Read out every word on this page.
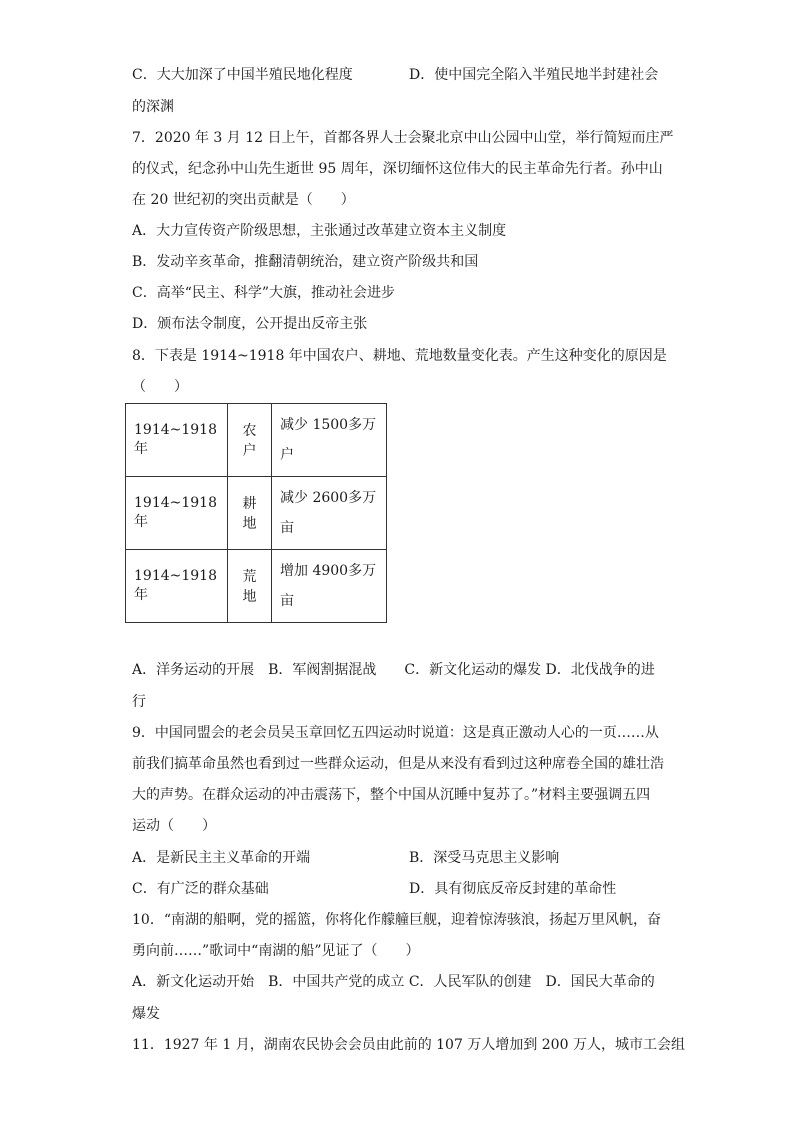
C．大大加深了中国半殖民地化程度	D．使中国完全陷入半殖民地半封建社会
的深渊
7．2020 年 3 月 12 日上午，首都各界人士会聚北京中山公园中山堂，举行简短而庄严
的仪式，纪念孙中山先生逝世 95 周年，深切缅怀这位伟大的民主革命先行者。孙中山
在 20 世纪初的突出贡献是（　　）
A．大力宣传资产阶级思想，主张通过改革建立资本主义制度
B．发动辛亥革命，推翻清朝统治，建立资产阶级共和国
C．高举“民主、科学”大旗，推动社会进步
D．颁布法令制度，公开提出反帝主张
8．下表是 1914~1918 年中国农户、耕地、荒地数量变化表。产生这种变化的原因是
（　　）
1914~1918年	农户	减少 1500多万户
1914~1918年	耕地	减少 2600多万亩
1914~1918年	荒地	增加 4900多万亩
A．洋务运动的开展　B．军阀割据混战　　C．新文化运动的爆发 D．北伐战争的进
行
9．中国同盟会的老会员吴玉章回忆五四运动时说道：这是真正激动人心的一页……从
前我们搞革命虽然也看到过一些群众运动，但是从来没有看到过这种席卷全国的雄壮浩
大的声势。在群众运动的冲击震荡下，整个中国从沉睡中复苏了。”材料主要强调五四
运动（　　）
A．是新民主主义革命的开端	B．深受马克思主义影响
C．有广泛的群众基础	D．具有彻底反帝反封建的革命性
10．“南湖的船啊，党的摇篮，你将化作艨艟巨舰，迎着惊涛骇浪，扬起万里风帆，奋
勇向前……”歌词中“南湖的船”见证了（　　）
A．新文化运动开始　B．中国共产党的成立 C．人民军队的创建　D．国民大革命的
爆发
11．1927 年 1 月，湖南农民协会会员由此前的 107 万人增加到 200 万人，城市工会组
